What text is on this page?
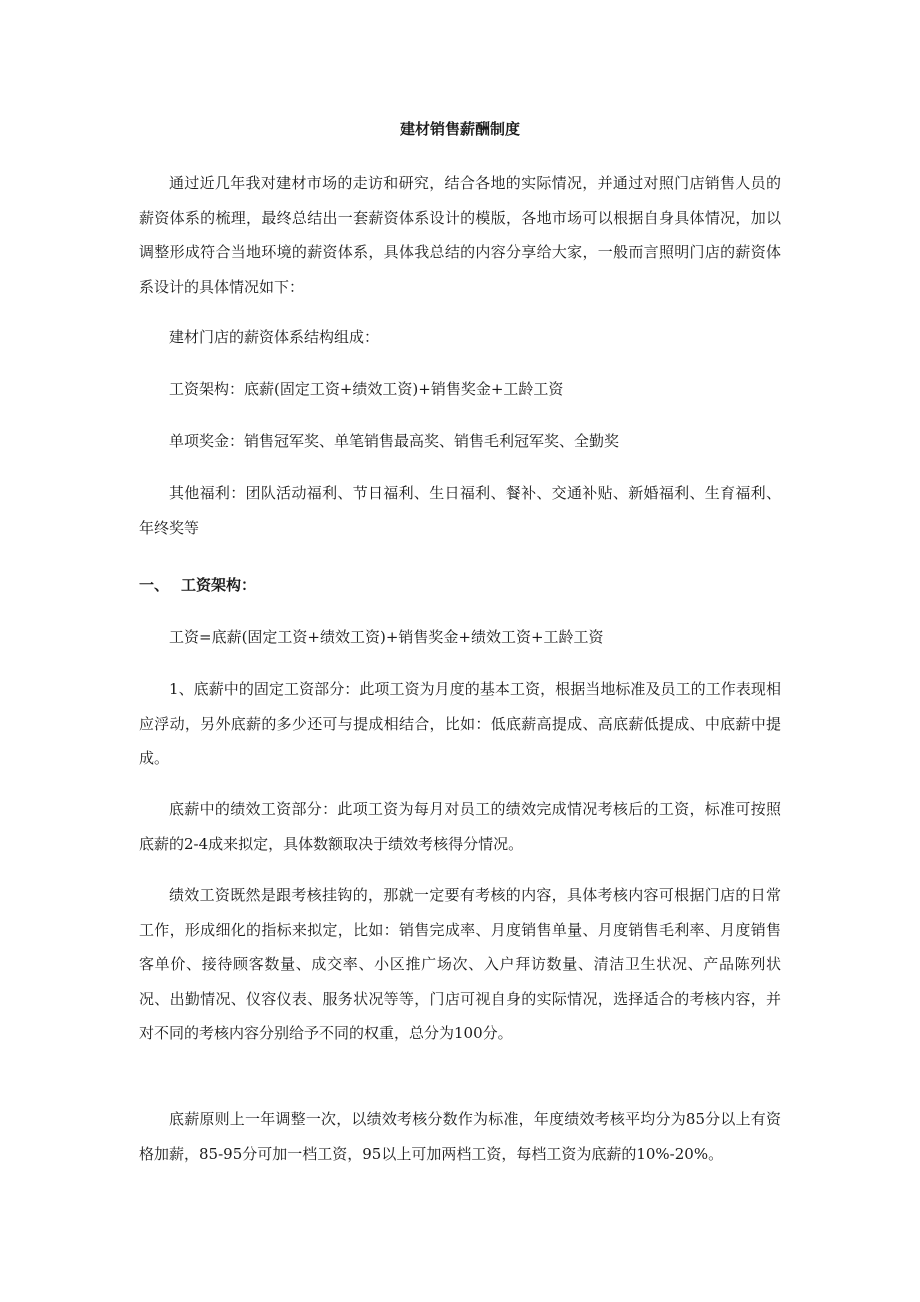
建材销售薪酬制度

通过近几年我对建材市场的走访和研究，结合各地的实际情况，并通过对照门店销售人员的薪资体系的梳理，最终总结出一套薪资体系设计的模版，各地市场可以根据自身具体情况，加以调整形成符合当地环境的薪资体系，具体我总结的内容分享给大家，一般而言照明门店的薪资体系设计的具体情况如下：

建材门店的薪资体系结构组成：

工资架构：底薪(固定工资+绩效工资)+销售奖金+工龄工资

单项奖金：销售冠军奖、单笔销售最高奖、销售毛利冠军奖、全勤奖

其他福利：团队活动福利、节日福利、生日福利、餐补、交通补贴、新婚福利、生育福利、年终奖等

一、 工资架构：

工资=底薪(固定工资+绩效工资)+销售奖金+绩效工资+工龄工资

1、底薪中的固定工资部分：此项工资为月度的基本工资，根据当地标准及员工的工作表现相应浮动，另外底薪的多少还可与提成相结合，比如：低底薪高提成、高底薪低提成、中底薪中提成。

底薪中的绩效工资部分：此项工资为每月对员工的绩效完成情况考核后的工资，标准可按照底薪的2-4成来拟定，具体数额取决于绩效考核得分情况。

绩效工资既然是跟考核挂钩的，那就一定要有考核的内容，具体考核内容可根据门店的日常工作，形成细化的指标来拟定，比如：销售完成率、月度销售单量、月度销售毛利率、月度销售客单价、接待顾客数量、成交率、小区推广场次、入户拜访数量、清洁卫生状况、产品陈列状况、出勤情况、仪容仪表、服务状况等等，门店可视自身的实际情况，选择适合的考核内容，并对不同的考核内容分别给予不同的权重，总分为100分。

底薪原则上一年调整一次，以绩效考核分数作为标准，年度绩效考核平均分为85分以上有资格加薪，85-95分可加一档工资，95以上可加两档工资，每档工资为底薪的10%-20%。
